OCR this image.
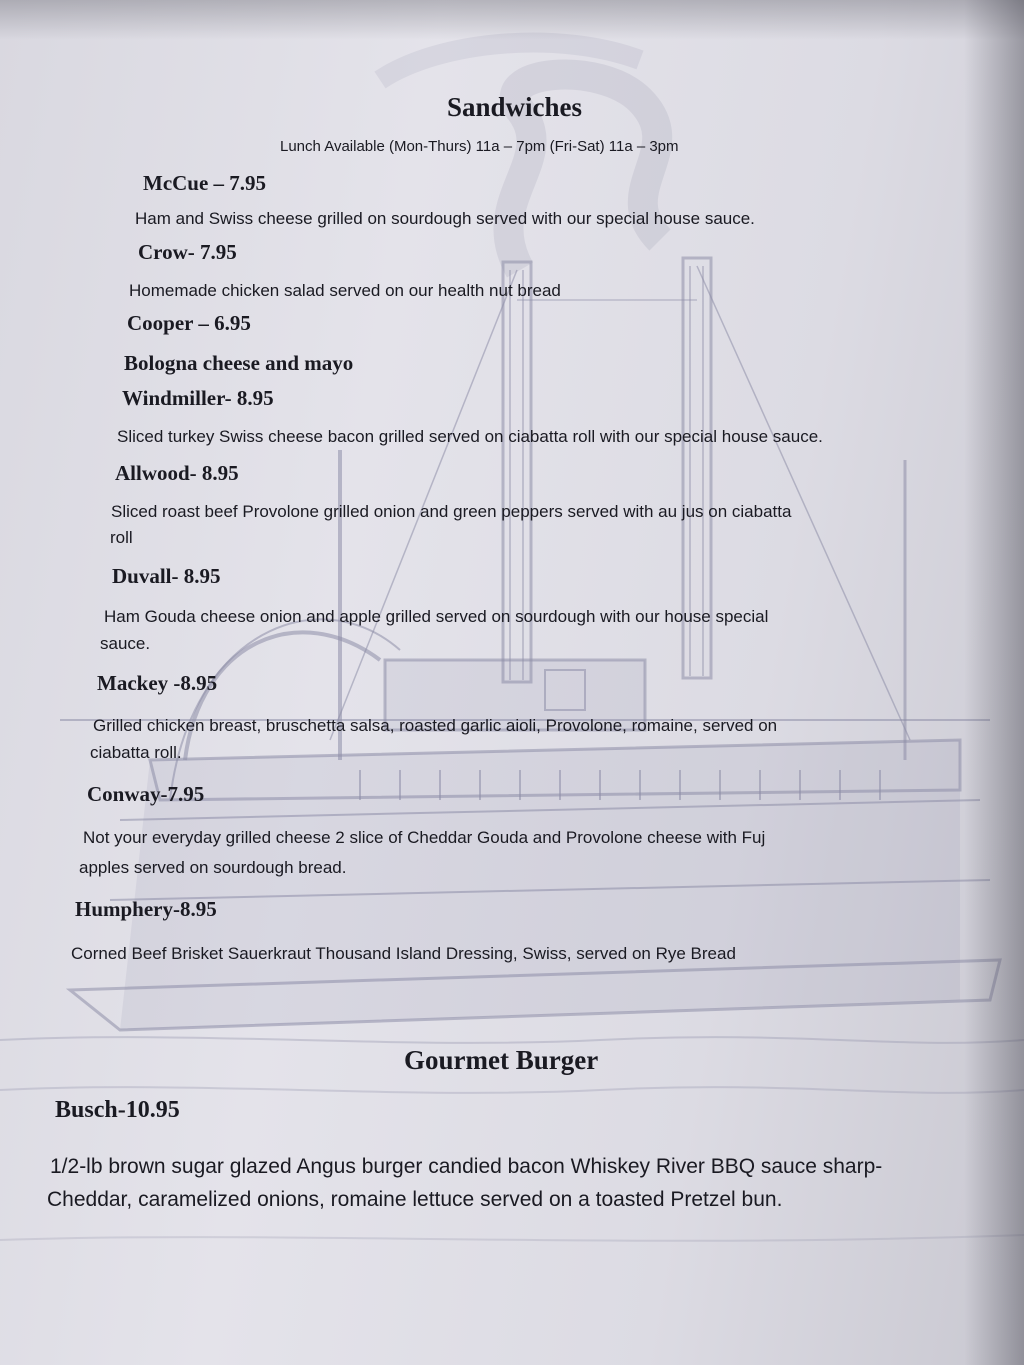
Sandwiches
Lunch Available (Mon-Thurs) 11a – 7pm (Fri-Sat) 11a – 3pm
McCue – 7.95
Ham and Swiss cheese grilled on sourdough served with our special house sauce.
Crow- 7.95
Homemade chicken salad served on our health nut bread
Cooper – 6.95
Bologna cheese and mayo
Windmiller- 8.95
Sliced turkey Swiss cheese bacon grilled served on ciabatta roll with our special house sauce.
Allwood- 8.95
Sliced roast beef Provolone grilled onion and green peppers served with au jus on ciabatta
roll
Duvall- 8.95
Ham Gouda cheese onion and apple grilled served on sourdough with our house special
sauce.
Mackey -8.95
Grilled chicken breast, bruschetta salsa, roasted garlic aioli, Provolone, romaine, served on
ciabatta roll.
Conway-7.95
Not your everyday grilled cheese 2 slice of Cheddar Gouda and Provolone cheese with Fuj
apples served on sourdough bread.
Humphery-8.95
Corned Beef Brisket Sauerkraut Thousand Island Dressing, Swiss, served on Rye Bread
Gourmet Burger
Busch-10.95
1/2-lb brown sugar glazed Angus burger candied bacon Whiskey River BBQ sauce sharp-
Cheddar, caramelized onions, romaine lettuce served on a toasted Pretzel bun.
